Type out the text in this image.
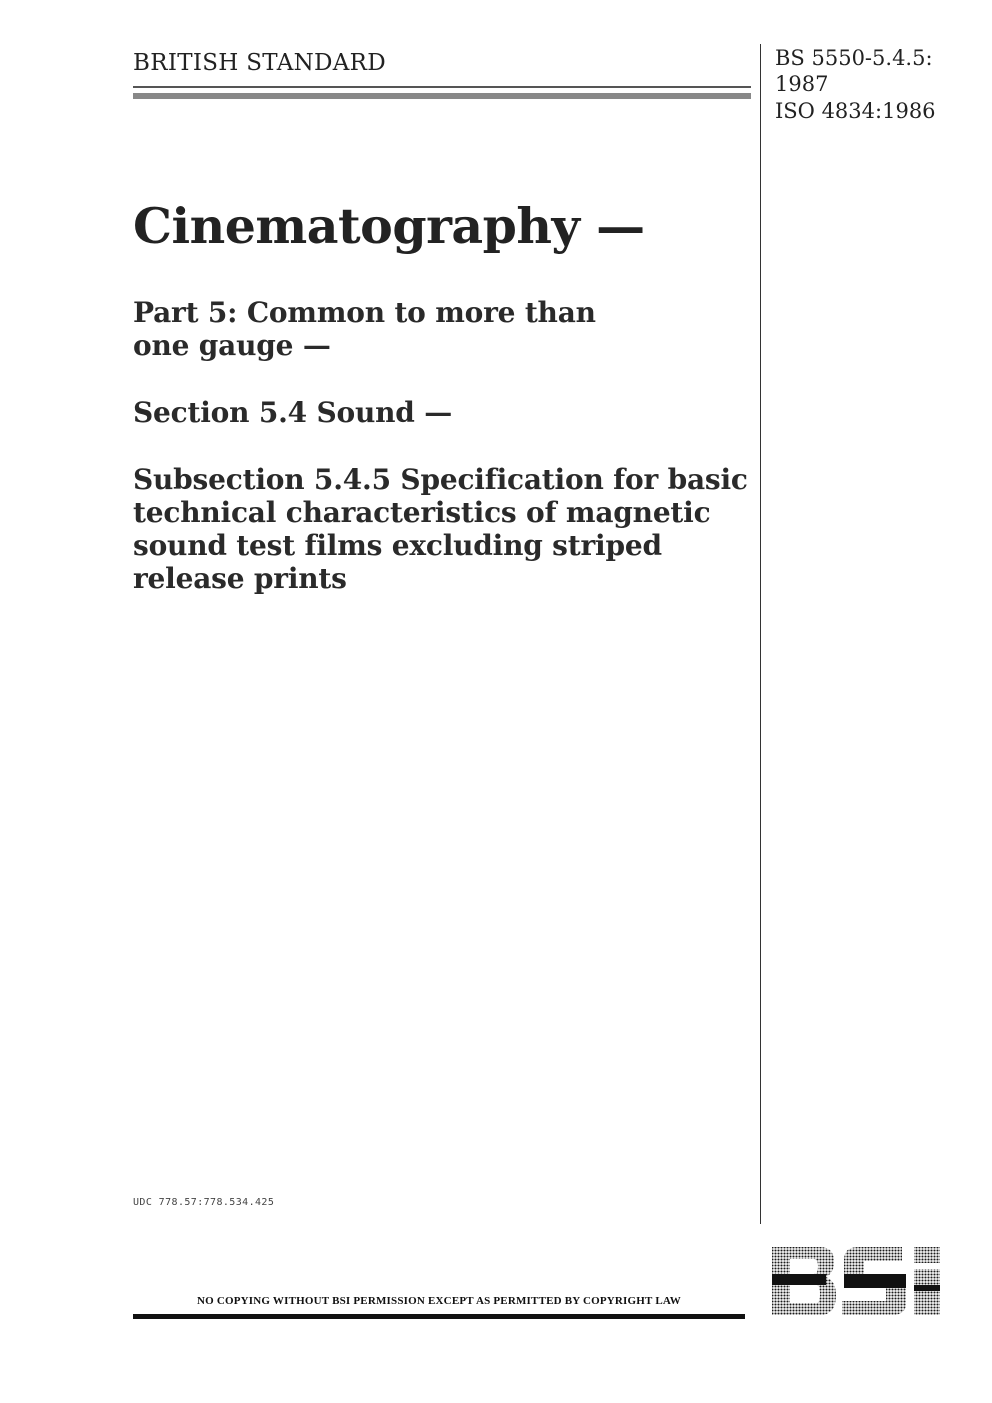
BRITISH STANDARD	BS 5550-5.4.5:
1987
ISO 4834:1986
Cinematography —
Part 5: Common to more than one gauge —
Section 5.4 Sound —
Subsection 5.4.5 Specification for basic technical characteristics of magnetic sound test films excluding striped release prints
UDC 778.57:778.534.425
NO COPYING WITHOUT BSI PERMISSION EXCEPT AS PERMITTED BY COPYRIGHT LAW
